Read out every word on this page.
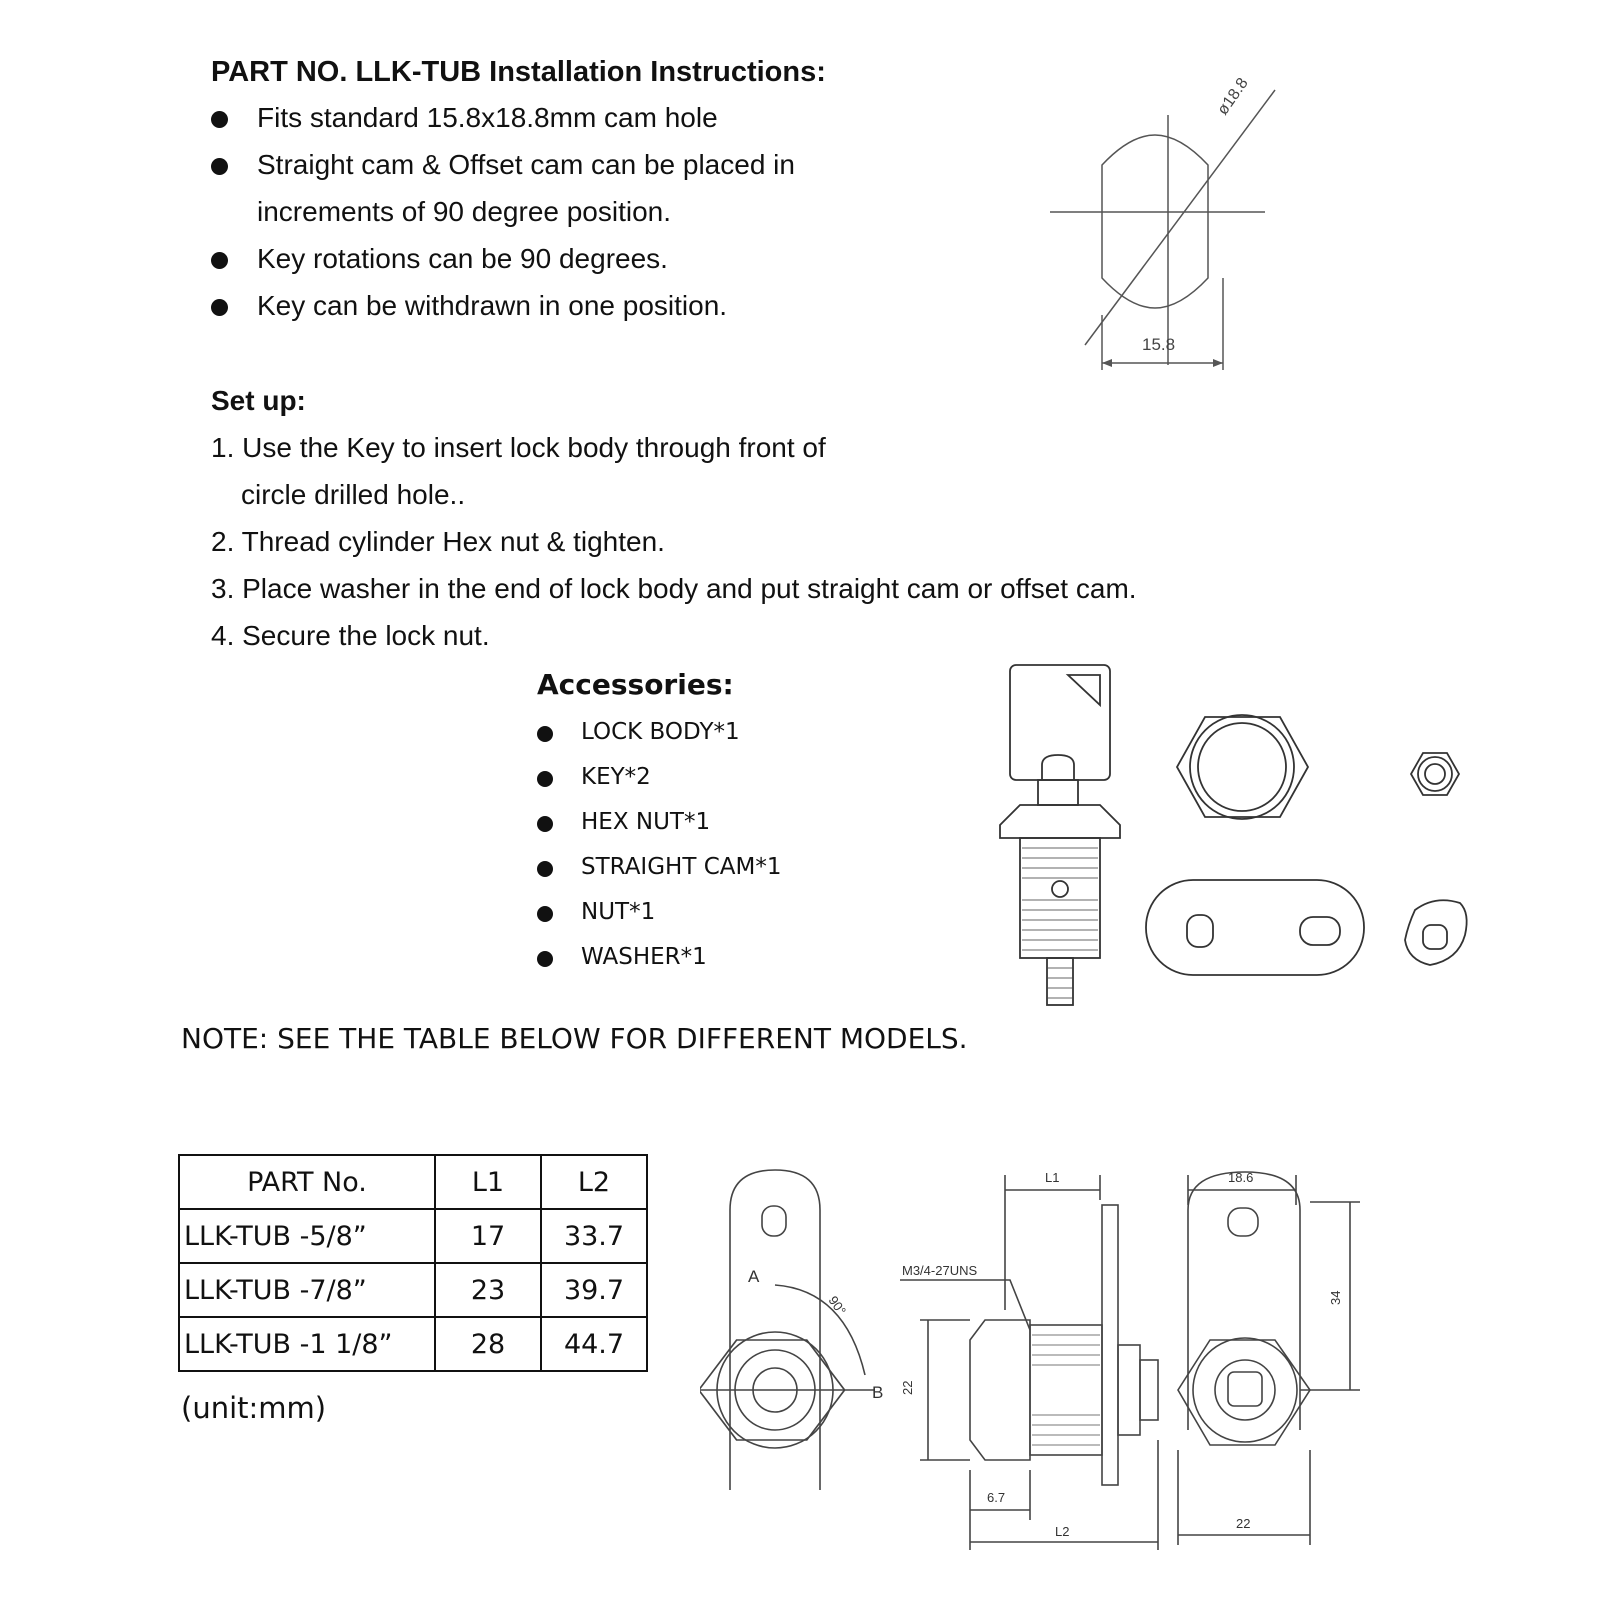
PART NO. LLK-TUB Installation Instructions:
Fits standard 15.8x18.8mm cam hole
Straight cam & Offset cam can be placed in
increments of 90 degree position.
Key rotations can be 90 degrees.
Key can be withdrawn in one position.
Set up:
1. Use the Key to insert lock body through front of
circle drilled hole..
2. Thread cylinder Hex nut & tighten.
3. Place washer in the end of lock body and put straight cam or offset cam.
4. Secure the lock nut.
Accessories:
LOCK BODY*1
KEY*2
HEX NUT*1
STRAIGHT CAM*1
NUT*1
WASHER*1
NOTE: SEE THE TABLE BELOW FOR DIFFERENT MODELS.
PART No.	L1	L2
LLK-TUB -5/8”	17	33.7
LLK-TUB -7/8”	23	39.7
LLK-TUB -1 1/8”	28	44.7
(unit:mm)
ø18.8
15.8
A
B
90°
M3/4-27UNS
L1
22
6.7
L2
18.6
34
22
